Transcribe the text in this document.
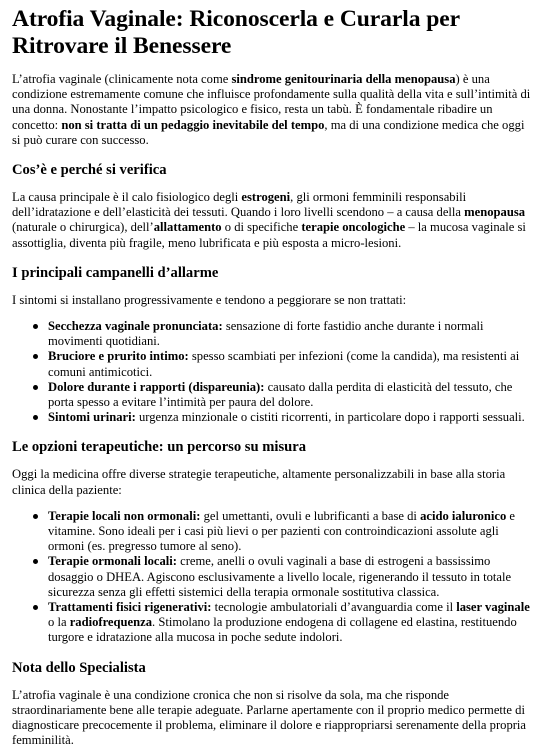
Atrofia Vaginale: Riconoscerla e Curarla per Ritrovare il Benessere

L’atrofia vaginale (clinicamente nota come sindrome genitourinaria della menopausa) è una condizione estremamente comune che influisce profondamente sulla qualità della vita e sull’intimità di una donna. Nonostante l’impatto psicologico e fisico, resta un tabù. È fondamentale ribadire un concetto: non si tratta di un pedaggio inevitabile del tempo, ma di una condizione medica che oggi si può curare con successo.

Cos’è e perché si verifica

La causa principale è il calo fisiologico degli estrogeni, gli ormoni femminili responsabili dell’idratazione e dell’elasticità dei tessuti. Quando i loro livelli scendono – a causa della menopausa (naturale o chirurgica), dell’allattamento o di specifiche terapie oncologiche – la mucosa vaginale si assottiglia, diventa più fragile, meno lubrificata e più esposta a micro-lesioni.

I principali campanelli d’allarme

I sintomi si installano progressivamente e tendono a peggiorare se non trattati:

Secchezza vaginale pronunciata: sensazione di forte fastidio anche durante i normali movimenti quotidiani.
Bruciore e prurito intimo: spesso scambiati per infezioni (come la candida), ma resistenti ai comuni antimicotici.
Dolore durante i rapporti (dispareunia): causato dalla perdita di elasticità del tessuto, che porta spesso a evitare l’intimità per paura del dolore.
Sintomi urinari: urgenza minzionale o cistiti ricorrenti, in particolare dopo i rapporti sessuali.
Le opzioni terapeutiche: un percorso su misura

Oggi la medicina offre diverse strategie terapeutiche, altamente personalizzabili in base alla storia clinica della paziente:

Terapie locali non ormonali: gel umettanti, ovuli e lubrificanti a base di acido ialuronico e vitamine. Sono ideali per i casi più lievi o per pazienti con controindicazioni assolute agli ormoni (es. pregresso tumore al seno).
Terapie ormonali locali: creme, anelli o ovuli vaginali a base di estrogeni a bassissimo dosaggio o DHEA. Agiscono esclusivamente a livello locale, rigenerando il tessuto in totale sicurezza senza gli effetti sistemici della terapia ormonale sostitutiva classica.
Trattamenti fisici rigenerativi: tecnologie ambulatoriali d’avanguardia come il laser vaginale o la radiofrequenza. Stimolano la produzione endogena di collagene ed elastina, restituendo turgore e idratazione alla mucosa in poche sedute indolori.
Nota dello Specialista

L’atrofia vaginale è una condizione cronica che non si risolve da sola, ma che risponde straordinariamente bene alle terapie adeguate. Parlarne apertamente con il proprio medico permette di diagnosticare precocemente il problema, eliminare il dolore e riappropriarsi serenamente della propria femminilità.
